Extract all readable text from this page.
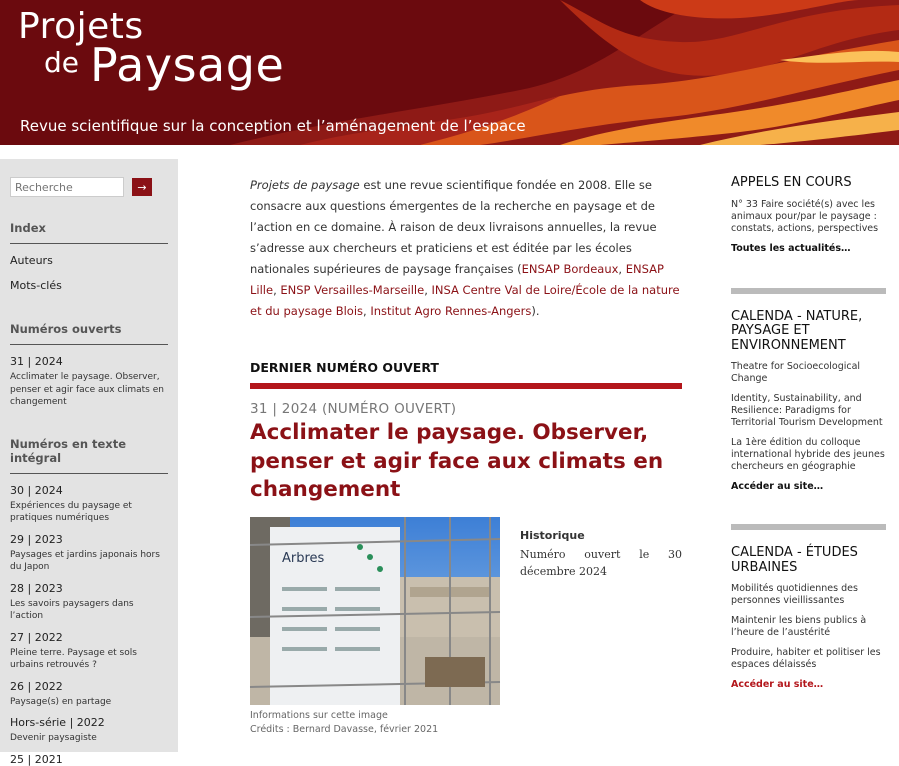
Projets
de Paysage
Revue scientifique sur la conception et l’aménagement de l’espace
Recherche
→
Index
Auteurs
Mots-clés
Numéros ouverts
31 | 2024
Acclimater le paysage. Observer, penser et agir face aux climats en changement
Numéros en texte intégral
30 | 2024
Expériences du paysage et pratiques numériques
29 | 2023
Paysages et jardins japonais hors du Japon
28 | 2023
Les savoirs paysagers dans l’action
27 | 2022
Pleine terre. Paysage et sols urbains retrouvés ?
26 | 2022
Paysage(s) en partage
Hors-série | 2022
Devenir paysagiste
25 | 2021

Projets de paysage est une revue scientifique fondée en 2008. Elle se consacre aux questions émergentes de la recherche en paysage et de l’action en ce domaine. À raison de deux livraisons annuelles, la revue s’adresse aux chercheurs et praticiens et est éditée par les écoles nationales supérieures de paysage françaises (ENSAP Bordeaux, ENSAP Lille, ENSP Versailles-Marseille, INSA Centre Val de Loire/École de la nature et du paysage Blois, Institut Agro Rennes-Angers).

DERNIER NUMÉRO OUVERT
31 | 2024 (NUMÉRO OUVERT)
Acclimater le paysage. Observer, penser et agir face aux climats en changement
Arbres
Informations sur cette image
Crédits : Bernard Davasse, février 2021
Historique
Numéro ouvert le 30 décembre 2024
APPELS EN COURS
N° 33 Faire société(s) avec les animaux pour/par le paysage : constats, actions, perspectives
Toutes les actualités…
CALENDA - NATURE, PAYSAGE ET ENVIRONNEMENT
Theatre for Socioecological Change
Identity, Sustainability, and Resilience: Paradigms for Territorial Tourism Development
La 1ère édition du colloque international hybride des jeunes chercheurs en géographie
Accéder au site…
CALENDA - ÉTUDES URBAINES
Mobilités quotidiennes des personnes vieillissantes
Maintenir les biens publics à l’heure de l’austérité
Produire, habiter et politiser les espaces délaissés
Accéder au site…
